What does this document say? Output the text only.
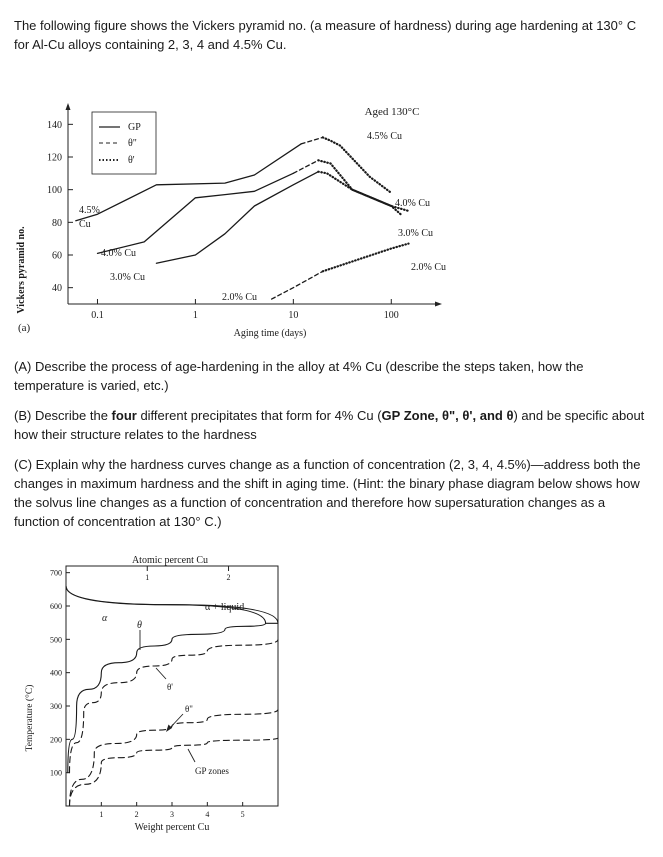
The following figure shows the Vickers pyramid no. (a measure of hardness) during age hardening at 130° C for Al-Cu alloys containing 2, 3, 4 and 4.5% Cu.

Vickers pyramid no.
(a)
40
60
80
100
120
140
0.1	1	10	100
Aging time (days)
Aged 130°C
GP
θ"
θ'
4.5%
Cu
4.5% Cu
4.0% Cu
4.0% Cu
3.0% Cu
3.0% Cu
2.0% Cu
2.0% Cu

(A) Describe the process of age-hardening in the alloy at 4% Cu (describe the steps taken, how the temperature is varied, etc.)

(B) Describe the four different precipitates that form for 4% Cu (GP Zone, θ", θ', and θ) and be specific about how their structure relates to the hardness

(C) Explain why the hardness curves change as a function of concentration (2, 3, 4, 4.5%)—address both the changes in maximum hardness and the shift in aging time. (Hint: the binary phase diagram below shows how the solvus line changes as a function of concentration and therefore how supersaturation changes as a function of concentration at 130° C.)

Atomic percent Cu
Temperature (°C)
100
200
300
400
500
600
700
1	2	3	4	5
1	2
Weight percent Cu
α
θ
α + liquid
θ'
θ"
GP zones
